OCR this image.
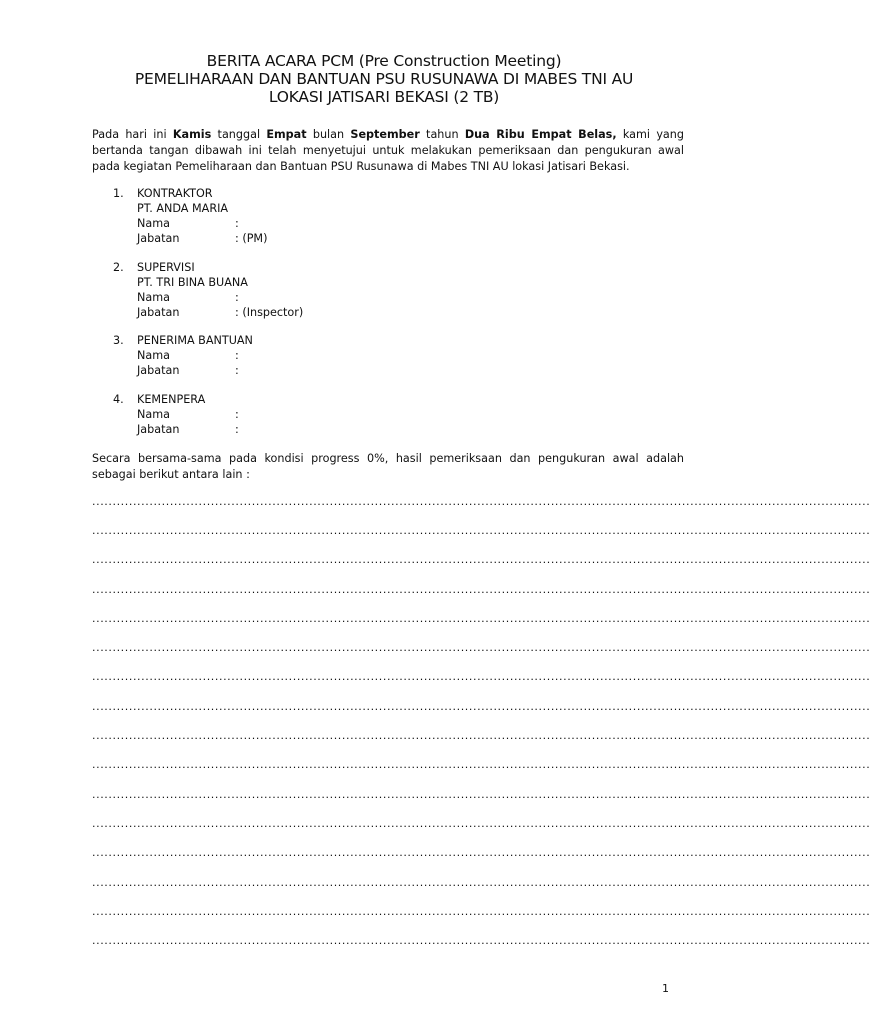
BERITA ACARA PCM (Pre Construction Meeting)
PEMELIHARAAN DAN BANTUAN PSU RUSUNAWA DI MABES TNI AU
LOKASI JATISARI BEKASI (2 TB)
Pada hari ini Kamis tanggal Empat bulan September tahun Dua Ribu Empat Belas, kami yang bertanda tangan dibawah ini telah menyetujui untuk melakukan pemeriksaan dan pengukuran awal pada kegiatan Pemeliharaan dan Bantuan PSU Rusunawa di Mabes TNI AU lokasi Jatisari Bekasi.
1.	KONTRAKTOR
PT. ANDA MARIA
Nama	:
Jabatan	: (PM)
2.	SUPERVISI
PT. TRI BINA BUANA
Nama	:
Jabatan	: (Inspector)
3.	PENERIMA BANTUAN
Nama	:
Jabatan	:
4.	KEMENPERA
Nama	:
Jabatan	:
Secara bersama-sama pada kondisi progress 0%, hasil pemeriksaan dan pengukuran awal adalah sebagai berikut antara lain :
..............................................................................................................................................................................................
..............................................................................................................................................................................................
..............................................................................................................................................................................................
..............................................................................................................................................................................................
..............................................................................................................................................................................................
..............................................................................................................................................................................................
..............................................................................................................................................................................................
..............................................................................................................................................................................................
..............................................................................................................................................................................................
..............................................................................................................................................................................................
..............................................................................................................................................................................................
..............................................................................................................................................................................................
..............................................................................................................................................................................................
..............................................................................................................................................................................................
..............................................................................................................................................................................................
..............................................................................................................................................................................................
1
